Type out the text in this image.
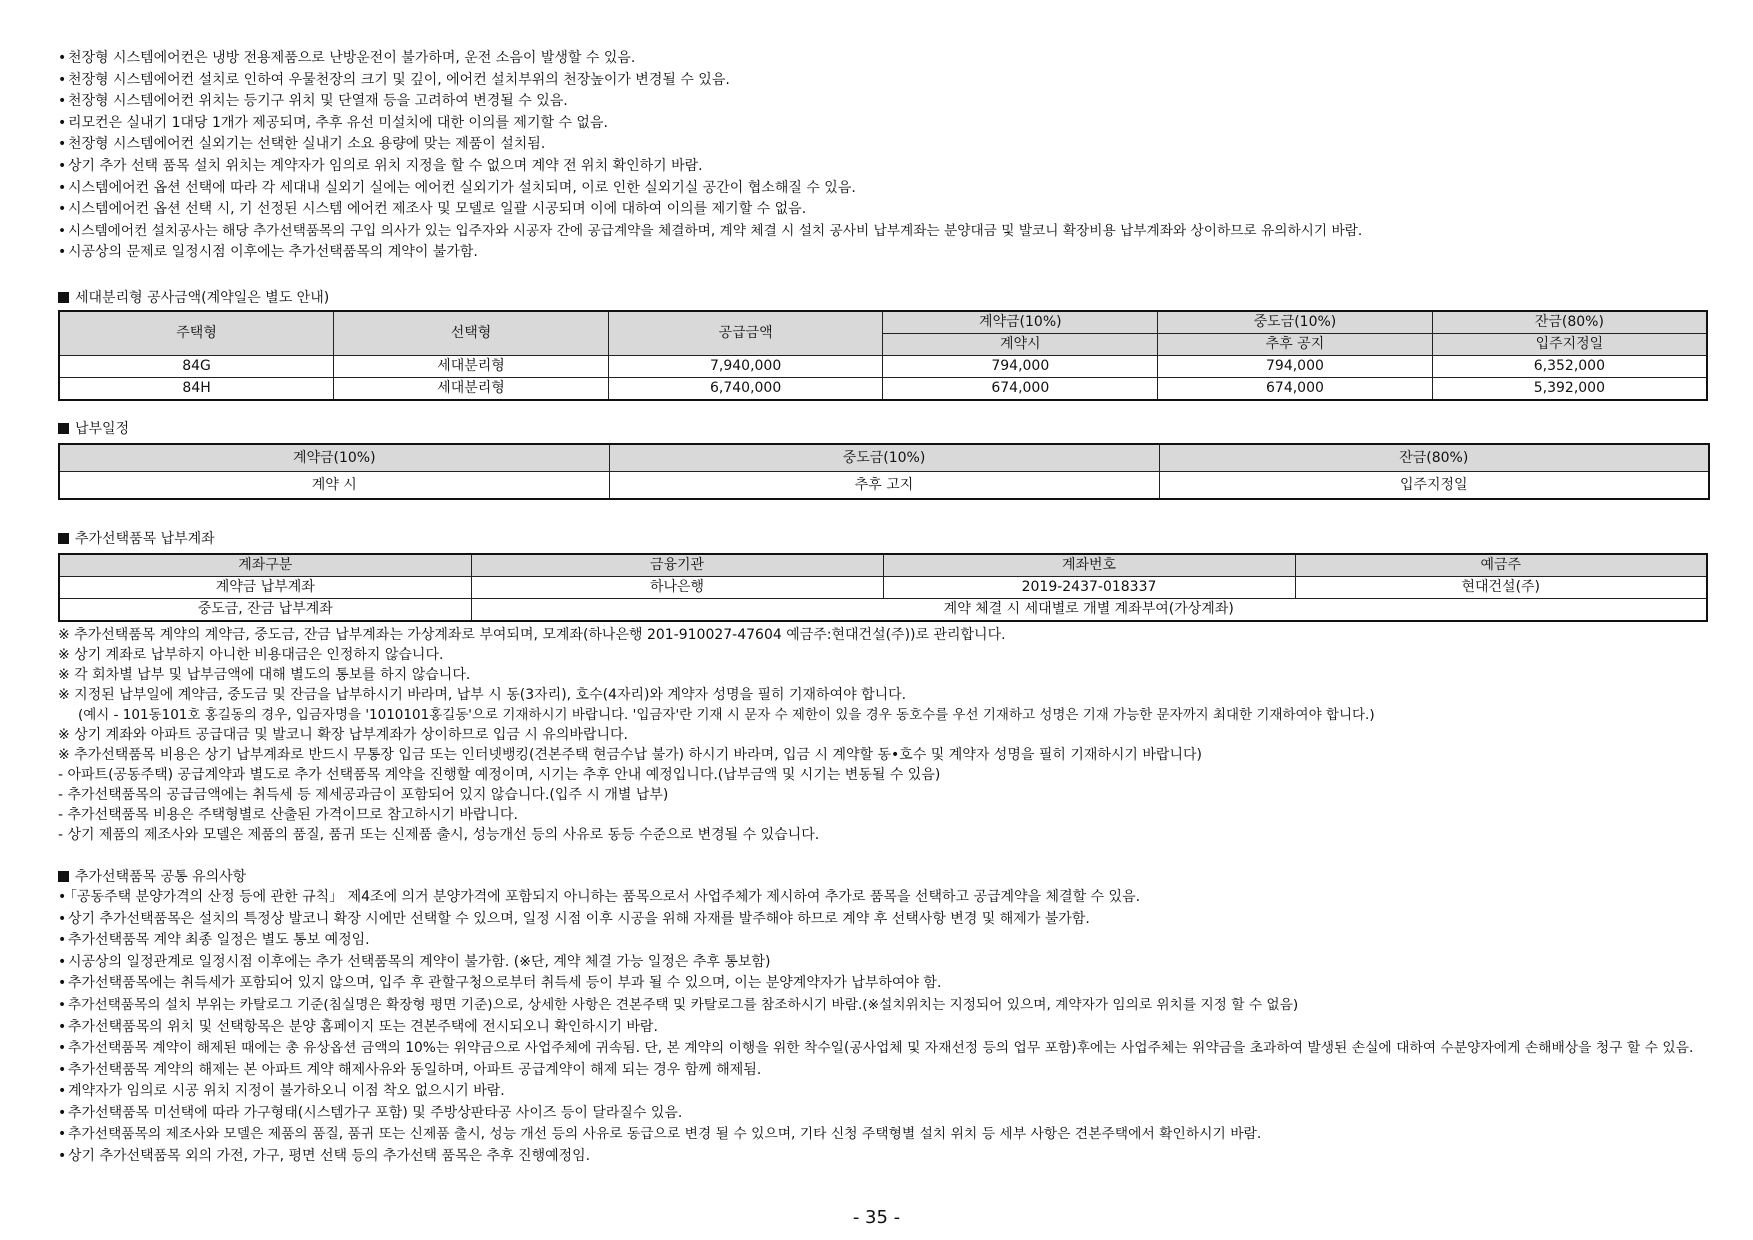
• 천장형 시스템에어컨은 냉방 전용제품으로 난방운전이 불가하며, 운전 소음이 발생할 수 있음.
• 천장형 시스템에어컨 설치로 인하여 우물천장의 크기 및 깊이, 에어컨 설치부위의 천장높이가 변경될 수 있음.
• 천장형 시스템에어컨 위치는 등기구 위치 및 단열재 등을 고려하여 변경될 수 있음.
• 리모컨은 실내기 1대당 1개가 제공되며, 추후 유선 미설치에 대한 이의를 제기할 수 없음.
• 천장형 시스템에어컨 실외기는 선택한 실내기 소요 용량에 맞는 제품이 설치됨.
• 상기 추가 선택 품목 설치 위치는 계약자가 임의로 위치 지정을 할 수 없으며 계약 전 위치 확인하기 바람.
• 시스템에어컨 옵션 선택에 따라 각 세대내 실외기 실에는 에어컨 실외기가 설치되며, 이로 인한 실외기실 공간이 협소해질 수 있음.
• 시스템에어컨 옵션 선택 시, 기 선정된 시스템 에어컨 제조사 및 모델로 일괄 시공되며 이에 대하여 이의를 제기할 수 없음.
• 시스템에어컨 설치공사는 해당 추가선택품목의 구입 의사가 있는 입주자와 시공자 간에 공급계약을 체결하며, 계약 체결 시 설치 공사비 납부계좌는 분양대금 및 발코니 확장비용 납부계좌와 상이하므로 유의하시기 바람.
• 시공상의 문제로 일정시점 이후에는 추가선택품목의 계약이 불가함.

세대분리형 공사금액(계약일은 별도 안내)

주택형	선택형	공급금액	계약금(10%)	중도금(10%)	잔금(80%)
			계약시	추후 공지	입주지정일
84G	세대분리형	7,940,000	794,000	794,000	6,352,000
84H	세대분리형	6,740,000	674,000	674,000	5,392,000

납부일정

계약금(10%)	중도금(10%)	잔금(80%)
계약 시	추후 고지	입주지정일

추가선택품목 납부계좌

계좌구분	금융기관	계좌번호	예금주
계약금 납부계좌	하나은행	2019-2437-018337	현대건설(주)
중도금, 잔금 납부계좌	계약 체결 시 세대별로 개별 계좌부여(가상계좌)		
※ 추가선택품목 계약의 계약금, 중도금, 잔금 납부계좌는 가상계좌로 부여되며, 모계좌(하나은행 201-910027-47604 예금주:현대건설(주))로 관리합니다.
※ 상기 계좌로 납부하지 아니한 비용대금은 인정하지 않습니다.
※ 각 회차별 납부 및 납부금액에 대해 별도의 통보를 하지 않습니다.
※ 지정된 납부일에 계약금, 중도금 및 잔금을 납부하시기 바라며, 납부 시 동(3자리), 호수(4자리)와 계약자 성명을 필히 기재하여야 합니다.
(예시 - 101동101호 홍길동의 경우, 입금자명을 '1010101홍길동'으로 기재하시기 바랍니다. '입금자'란 기재 시 문자 수 제한이 있을 경우 동호수를 우선 기재하고 성명은 기재 가능한 문자까지 최대한 기재하여야 합니다.)
※ 상기 계좌와 아파트 공급대금 및 발코니 확장 납부계좌가 상이하므로 입금 시 유의바랍니다.
※ 추가선택품목 비용은 상기 납부계좌로 반드시 무통장 입금 또는 인터넷뱅킹(견본주택 현금수납 불가) 하시기 바라며, 입금 시 계약할 동•호수 및 계약자 성명을 필히 기재하시기 바랍니다)
- 아파트(공동주택) 공급계약과 별도로 추가 선택품목 계약을 진행할 예정이며, 시기는 추후 안내 예정입니다.(납부금액 및 시기는 변동될 수 있음)
- 추가선택품목의 공급금액에는 취득세 등 제세공과금이 포함되어 있지 않습니다.(입주 시 개별 납부)
- 추가선택품목 비용은 주택형별로 산출된 가격이므로 참고하시기 바랍니다.
- 상기 제품의 제조사와 모델은 제품의 품질, 품귀 또는 신제품 출시, 성능개선 등의 사유로 동등 수준으로 변경될 수 있습니다.

추가선택품목 공통 유의사항

• 「공동주택 분양가격의 산정 등에 관한 규칙」 제4조에 의거 분양가격에 포함되지 아니하는 품목으로서 사업주체가 제시하여 추가로 품목을 선택하고 공급계약을 체결할 수 있음.
• 상기 추가선택품목은 설치의 특정상 발코니 확장 시에만 선택할 수 있으며, 일정 시점 이후 시공을 위해 자재를 발주해야 하므로 계약 후 선택사항 변경 및 해제가 불가함.
• 추가선택품목 계약 최종 일정은 별도 통보 예정임.
• 시공상의 일정관계로 일정시점 이후에는 추가 선택품목의 계약이 불가함. (※단, 계약 체결 가능 일정은 추후 통보함)
• 추가선택품목에는 취득세가 포함되어 있지 않으며, 입주 후 관할구청으로부터 취득세 등이 부과 될 수 있으며, 이는 분양계약자가 납부하여야 함.
• 추가선택품목의 설치 부위는 카탈로그 기준(침실명은 확장형 평면 기준)으로, 상세한 사항은 견본주택 및 카탈로그를 참조하시기 바람.(※설치위치는 지정되어 있으며, 계약자가 임의로 위치를 지정 할 수 없음)
• 추가선택품목의 위치 및 선택항목은 분양 홈페이지 또는 견본주택에 전시되오니 확인하시기 바람.
• 추가선택품목 계약이 해제된 때에는 총 유상옵션 금액의 10%는 위약금으로 사업주체에 귀속됨. 단, 본 계약의 이행을 위한 착수일(공사업체 및 자재선정 등의 업무 포함)후에는 사업주체는 위약금을 초과하여 발생된 손실에 대하여 수분양자에게 손해배상을 청구 할 수 있음.
• 추가선택품목 계약의 해제는 본 아파트 계약 해제사유와 동일하며, 아파트 공급계약이 해제 되는 경우 함께 해제됨.
• 계약자가 임의로 시공 위치 지정이 불가하오니 이점 착오 없으시기 바람.
• 추가선택품목 미선택에 따라 가구형태(시스템가구 포함) 및 주방상판타공 사이즈 등이 달라질수 있음.
• 추가선택품목의 제조사와 모델은 제품의 품질, 품귀 또는 신제품 출시, 성능 개선 등의 사유로 동급으로 변경 될 수 있으며, 기타 신청 주택형별 설치 위치 등 세부 사항은 견본주택에서 확인하시기 바람.
• 상기 추가선택품목 외의 가전, 가구, 평면 선택 등의 추가선택 품목은 추후 진행예정임.
- 35 -
